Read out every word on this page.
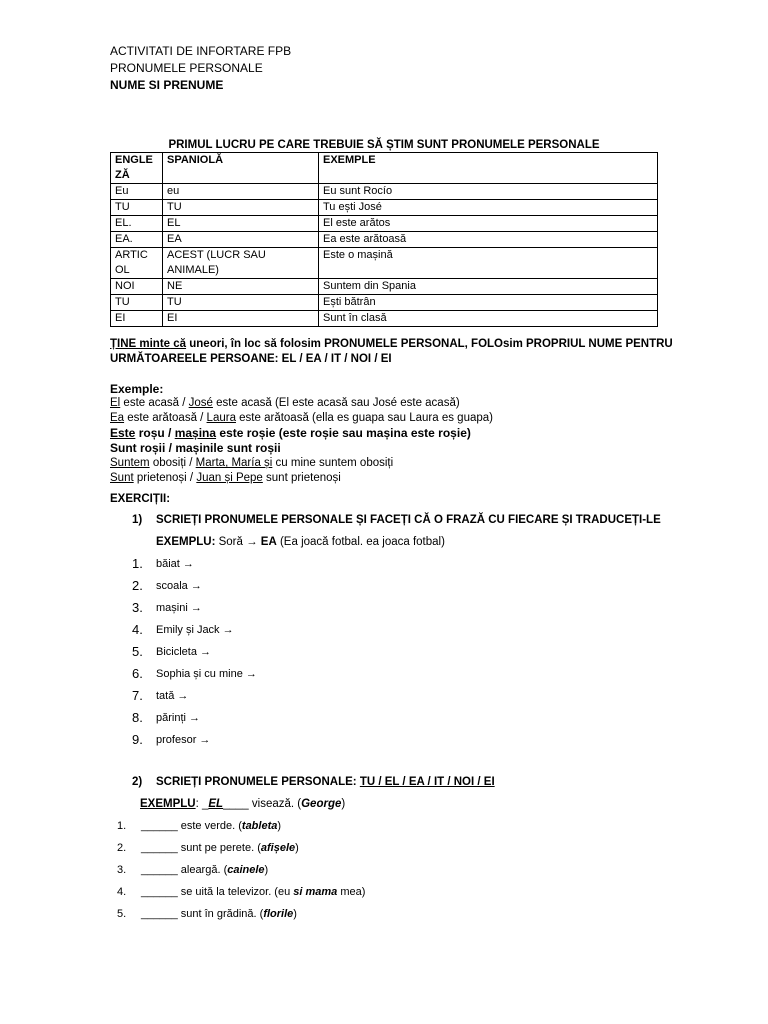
ACTIVITATI DE INFORTARE FPB
PRONUMELE PERSONALE
NUME SI PRENUME
PRIMUL LUCRU PE CARE TREBUIE SĂ ȘTIM SUNT PRONUMELE PERSONALE
ENGLE ZĂ	SPANIOLĂ	EXEMPLE
Eu	eu	Eu sunt Rocío
TU	TU	Tu ești José
EL.	EL	El este arătos
EA.	EA	Ea este arătoasă
ARTIC OL	ACEST (LUCR SAU ANIMALE)	Este o mașină
NOI	NE	Suntem din Spania
TU	TU	Ești bătrân
EI	EI	Sunt în clasă
ȚINE minte că uneori, în loc să folosim PRONUMELE PERSONAL, FOLOsim PROPRIUL NUME PENTRU
URMĂTOAREELE PERSOANE: EL / EA / IT / NOI / EI
Exemple:
El este acasă / José este acasă (El este acasă sau José este acasă)
Ea este arătoasă / Laura este arătoasă (ella es guapa sau Laura es guapa)
Este roșu / mașina este roșie (este roșie sau mașina este roșie)
Sunt roșii / mașinile sunt roșii
Suntem obosiți / Marta, María și cu mine suntem obosiți
Sunt prietenoși / Juan și Pepe sunt prietenoși
EXERCIȚII:
1) SCRIEȚI PRONUMELE PERSONALE ȘI FACEȚI CĂ O FRAZĂ CU FIECARE ȘI TRADUCEȚI-LE
EXEMPLU: Soră → EA (Ea joacă fotbal. ea joaca fotbal)
1.	băiat →
2.	scoala →
3.	mașini →
4.	Emily și Jack →
5.	Bicicleta →
6.	Sophia și cu mine →
7.	tată →
8.	părinți →
9.	profesor →
2) SCRIEȚI PRONUMELE PERSONALE: TU / EL / EA / IT / NOI / EI
EXEMPLU: _EL____ visează. (George)
1. ______ este verde. (tableta)
2. ______ sunt pe perete. (afișele)
3. ______ aleargă. (cainele)
4. ______ se uită la televizor. (eu si mama mea)
5. ______ sunt în grădină. (florile)
